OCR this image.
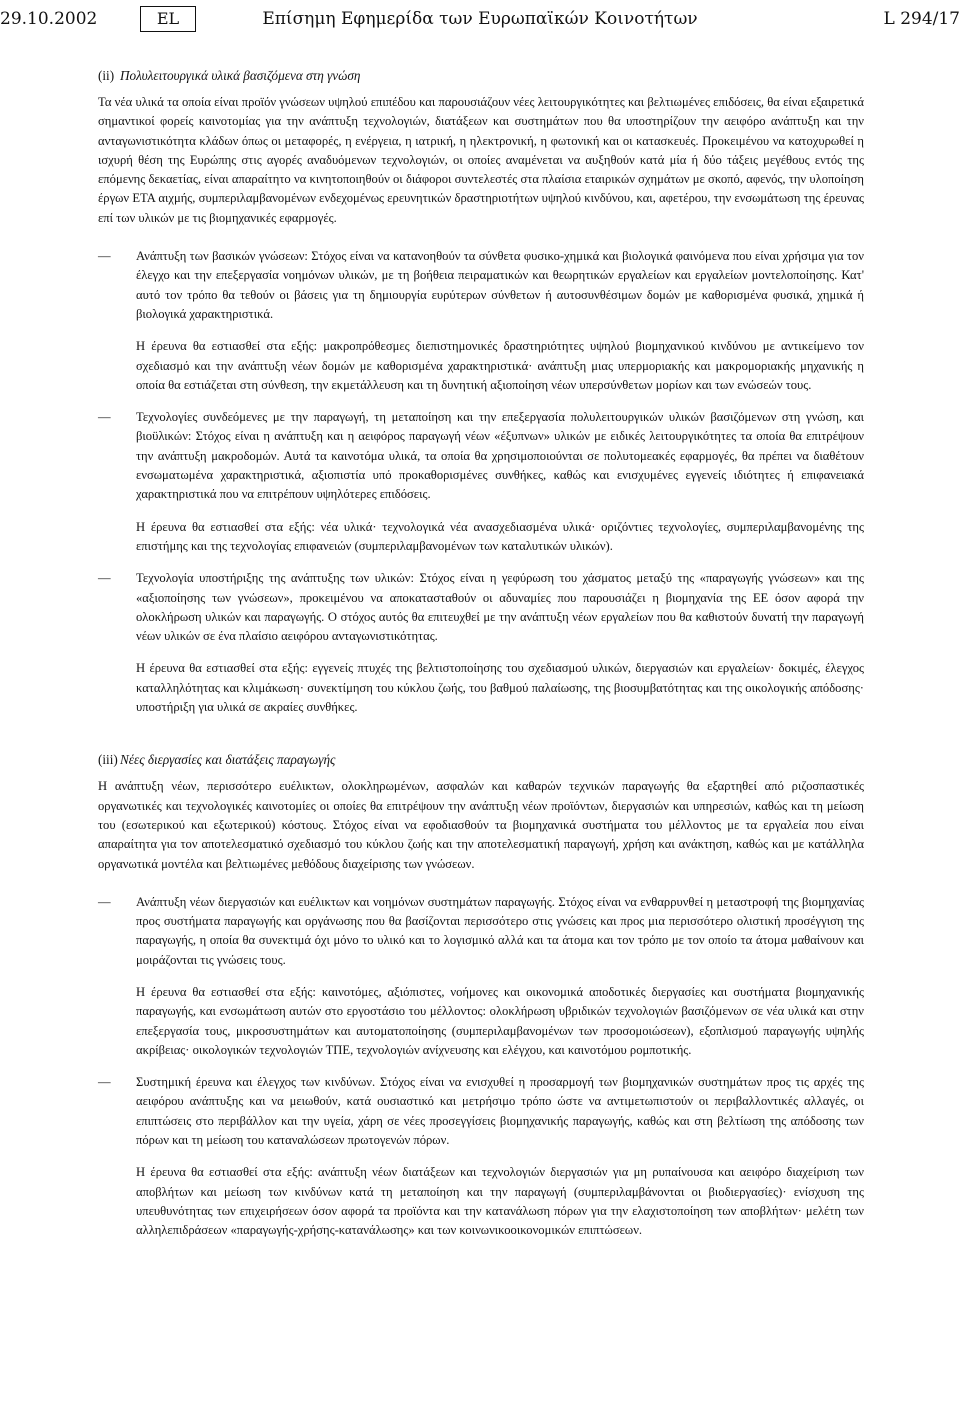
29.10.2002	EL	Επίσημη Εφημερίδα των Ευρωπαϊκών Κοινοτήτων	L 294/17
(ii) Πολυλειτουργικά υλικά βασιζόμενα στη γνώση

Τα νέα υλικά τα οποία είναι προϊόν γνώσεων υψηλού επιπέδου και παρουσιάζουν νέες λειτουργικότητες και βελτιωμένες επιδόσεις, θα είναι εξαιρετικά σημαντικοί φορείς καινοτομίας για την ανάπτυξη τεχνολογιών, διατάξεων και συστημάτων που θα υποστηρίζουν την αειφόρο ανάπτυξη και την ανταγωνιστικότητα κλάδων όπως οι μεταφορές, η ενέργεια, η ιατρική, η ηλεκτρονική, η φωτονική και οι κατασκευές. Προκειμένου να κατοχυρωθεί η ισχυρή θέση της Ευρώπης στις αγορές αναδυόμενων τεχνολογιών, οι οποίες αναμένεται να αυξηθούν κατά μία ή δύο τάξεις μεγέθους εντός της επόμενης δεκαετίας, είναι απαραίτητο να κινητοποιηθούν οι διάφοροι συντελεστές στα πλαίσια εταιρικών σχημάτων με σκοπό, αφενός, την υλοποίηση έργων ΕΤΑ αιχμής, συμπεριλαμβανομένων ενδεχομένως ερευνητικών δραστηριοτήτων υψηλού κινδύνου, και, αφετέρου, την ενσωμάτωση της έρευνας επί των υλικών με τις βιομηχανικές εφαρμογές.

— Ανάπτυξη των βασικών γνώσεων: Στόχος είναι να κατανοηθούν τα σύνθετα φυσικο-χημικά και βιολογικά φαινόμενα που είναι χρήσιμα για τον έλεγχο και την επεξεργασία νοημόνων υλικών, με τη βοήθεια πειραματικών και θεωρητικών εργαλείων και εργαλείων μοντελοποίησης. Κατ' αυτό τον τρόπο θα τεθούν οι βάσεις για τη δημιουργία ευρύτερων σύνθετων ή αυτοσυνθέσιμων δομών με καθορισμένα φυσικά, χημικά ή βιολογικά χαρακτηριστικά.

Η έρευνα θα εστιασθεί στα εξής: μακροπρόθεσμες διεπιστημονικές δραστηριότητες υψηλού βιομηχανικού κινδύνου με αντικείμενο τον σχεδιασμό και την ανάπτυξη νέων δομών με καθορισμένα χαρακτηριστικά· ανάπτυξη μιας υπερμοριακής και μακρομοριακής μηχανικής η οποία θα εστιάζεται στη σύνθεση, την εκμετάλλευση και τη δυνητική αξιοποίηση νέων υπερσύνθετων μορίων και των ενώσεών τους.

— Τεχνολογίες συνδεόμενες με την παραγωγή, τη μεταποίηση και την επεξεργασία πολυλειτουργικών υλικών βασιζόμενων στη γνώση, και βιοϋλικών: Στόχος είναι η ανάπτυξη και η αειφόρος παραγωγή νέων «έξυπνων» υλικών με ειδικές λειτουργικότητες τα οποία θα επιτρέψουν την ανάπτυξη μακροδομών. Αυτά τα καινοτόμα υλικά, τα οποία θα χρησιμοποιούνται σε πολυτομεακές εφαρμογές, θα πρέπει να διαθέτουν ενσωματωμένα χαρακτηριστικά, αξιοπιστία υπό προκαθορισμένες συνθήκες, καθώς και ενισχυμένες εγγενείς ιδιότητες ή επιφανειακά χαρακτηριστικά που να επιτρέπουν υψηλότερες επιδόσεις.

Η έρευνα θα εστιασθεί στα εξής: νέα υλικά· τεχνολογικά νέα ανασχεδιασμένα υλικά· οριζόντιες τεχνολογίες, συμπεριλαμβανομένης της επιστήμης και της τεχνολογίας επιφανειών (συμπεριλαμβανομένων των καταλυτικών υλικών).

— Τεχνολογία υποστήριξης της ανάπτυξης των υλικών: Στόχος είναι η γεφύρωση του χάσματος μεταξύ της «παραγωγής γνώσεων» και της «αξιοποίησης των γνώσεων», προκειμένου να αποκατασταθούν οι αδυναμίες που παρουσιάζει η βιομηχανία της ΕΕ όσον αφορά την ολοκλήρωση υλικών και παραγωγής. Ο στόχος αυτός θα επιτευχθεί με την ανάπτυξη νέων εργαλείων που θα καθιστούν δυνατή την παραγωγή νέων υλικών σε ένα πλαίσιο αειφόρου ανταγωνιστικότητας.

Η έρευνα θα εστιασθεί στα εξής: εγγενείς πτυχές της βελτιστοποίησης του σχεδιασμού υλικών, διεργασιών και εργαλείων· δοκιμές, έλεγχος καταλληλότητας και κλιμάκωση· συνεκτίμηση του κύκλου ζωής, του βαθμού παλαίωσης, της βιοσυμβατότητας και της οικολογικής απόδοσης· υποστήριξη για υλικά σε ακραίες συνθήκες.

(iii) Νέες διεργασίες και διατάξεις παραγωγής

Η ανάπτυξη νέων, περισσότερο ευέλικτων, ολοκληρωμένων, ασφαλών και καθαρών τεχνικών παραγωγής θα εξαρτηθεί από ριζοσπαστικές οργανωτικές και τεχνολογικές καινοτομίες οι οποίες θα επιτρέψουν την ανάπτυξη νέων προϊόντων, διεργασιών και υπηρεσιών, καθώς και τη μείωση του (εσωτερικού και εξωτερικού) κόστους. Στόχος είναι να εφοδιασθούν τα βιομηχανικά συστήματα του μέλλοντος με τα εργαλεία που είναι απαραίτητα για τον αποτελεσματικό σχεδιασμό του κύκλου ζωής και την αποτελεσματική παραγωγή, χρήση και ανάκτηση, καθώς και με κατάλληλα οργανωτικά μοντέλα και βελτιωμένες μεθόδους διαχείρισης των γνώσεων.

— Ανάπτυξη νέων διεργασιών και ευέλικτων και νοημόνων συστημάτων παραγωγής. Στόχος είναι να ενθαρρυνθεί η μεταστροφή της βιομηχανίας προς συστήματα παραγωγής και οργάνωσης που θα βασίζονται περισσότερο στις γνώσεις και προς μια περισσότερο ολιστική προσέγγιση της παραγωγής, η οποία θα συνεκτιμά όχι μόνο το υλικό και το λογισμικό αλλά και τα άτομα και τον τρόπο με τον οποίο τα άτομα μαθαίνουν και μοιράζονται τις γνώσεις τους.

Η έρευνα θα εστιασθεί στα εξής: καινοτόμες, αξιόπιστες, νοήμονες και οικονομικά αποδοτικές διεργασίες και συστήματα βιομηχανικής παραγωγής, και ενσωμάτωση αυτών στο εργοστάσιο του μέλλοντος: ολοκλήρωση υβριδικών τεχνολογιών βασιζόμενων σε νέα υλικά και στην επεξεργασία τους, μικροσυστημάτων και αυτοματοποίησης (συμπεριλαμβανομένων των προσομοιώσεων), εξοπλισμού παραγωγής υψηλής ακρίβειας· οικολογικών τεχνολογιών ΤΠΕ, τεχνολογιών ανίχνευσης και ελέγχου, και καινοτόμου ρομποτικής.

— Συστημική έρευνα και έλεγχος των κινδύνων. Στόχος είναι να ενισχυθεί η προσαρμογή των βιομηχανικών συστημάτων προς τις αρχές της αειφόρου ανάπτυξης και να μειωθούν, κατά ουσιαστικό και μετρήσιμο τρόπο ώστε να αντιμετωπιστούν οι περιβαλλοντικές αλλαγές, οι επιπτώσεις στο περιβάλλον και την υγεία, χάρη σε νέες προσεγγίσεις βιομηχανικής παραγωγής, καθώς και στη βελτίωση της απόδοσης των πόρων και τη μείωση του καταναλώσεων πρωτογενών πόρων.

Η έρευνα θα εστιασθεί στα εξής: ανάπτυξη νέων διατάξεων και τεχνολογιών διεργασιών για μη ρυπαίνουσα και αειφόρο διαχείριση των αποβλήτων και μείωση των κινδύνων κατά τη μεταποίηση και την παραγωγή (συμπεριλαμβάνονται οι βιοδιεργασίες)· ενίσχυση της υπευθυνότητας των επιχειρήσεων όσον αφορά τα προϊόντα και την κατανάλωση πόρων για την ελαχιστοποίηση των αποβλήτων· μελέτη των αλληλεπιδράσεων «παραγωγής-χρήσης-κατανάλωσης» και των κοινωνικοοικονομικών επιπτώσεων.
